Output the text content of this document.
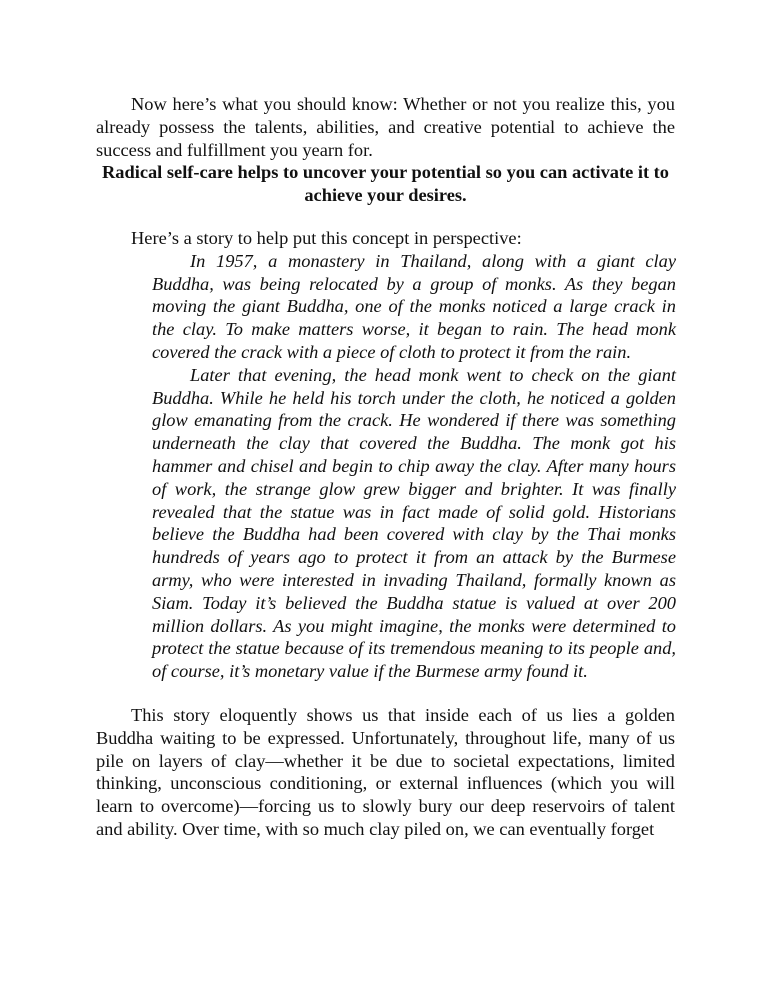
Now here’s what you should know: Whether or not you realize this, you already possess the talents, abilities, and creative potential to achieve the success and fulfillment you yearn for.

Radical self-care helps to uncover your potential so you can activate it to achieve your desires.

Here’s a story to help put this concept in perspective:

In 1957, a monastery in Thailand, along with a giant clay Buddha, was being relocated by a group of monks. As they began moving the giant Buddha, one of the monks noticed a large crack in the clay. To make matters worse, it began to rain. The head monk covered the crack with a piece of cloth to protect it from the rain.

Later that evening, the head monk went to check on the giant Buddha. While he held his torch under the cloth, he noticed a golden glow emanating from the crack. He wondered if there was something underneath the clay that covered the Buddha. The monk got his hammer and chisel and begin to chip away the clay. After many hours of work, the strange glow grew bigger and brighter. It was finally revealed that the statue was in fact made of solid gold. Historians believe the Buddha had been covered with clay by the Thai monks hundreds of years ago to protect it from an attack by the Burmese army, who were interested in invading Thailand, formally known as Siam. Today it’s believed the Buddha statue is valued at over 200 million dollars. As you might imagine, the monks were determined to protect the statue because of its tremendous meaning to its people and, of course, it’s monetary value if the Burmese army found it.

This story eloquently shows us that inside each of us lies a golden Buddha waiting to be expressed. Unfortunately, throughout life, many of us pile on layers of clay—whether it be due to societal expectations, limited thinking, unconscious conditioning, or external influences (which you will learn to overcome)—forcing us to slowly bury our deep reservoirs of talent and ability. Over time, with so much clay piled on, we can eventually forget
